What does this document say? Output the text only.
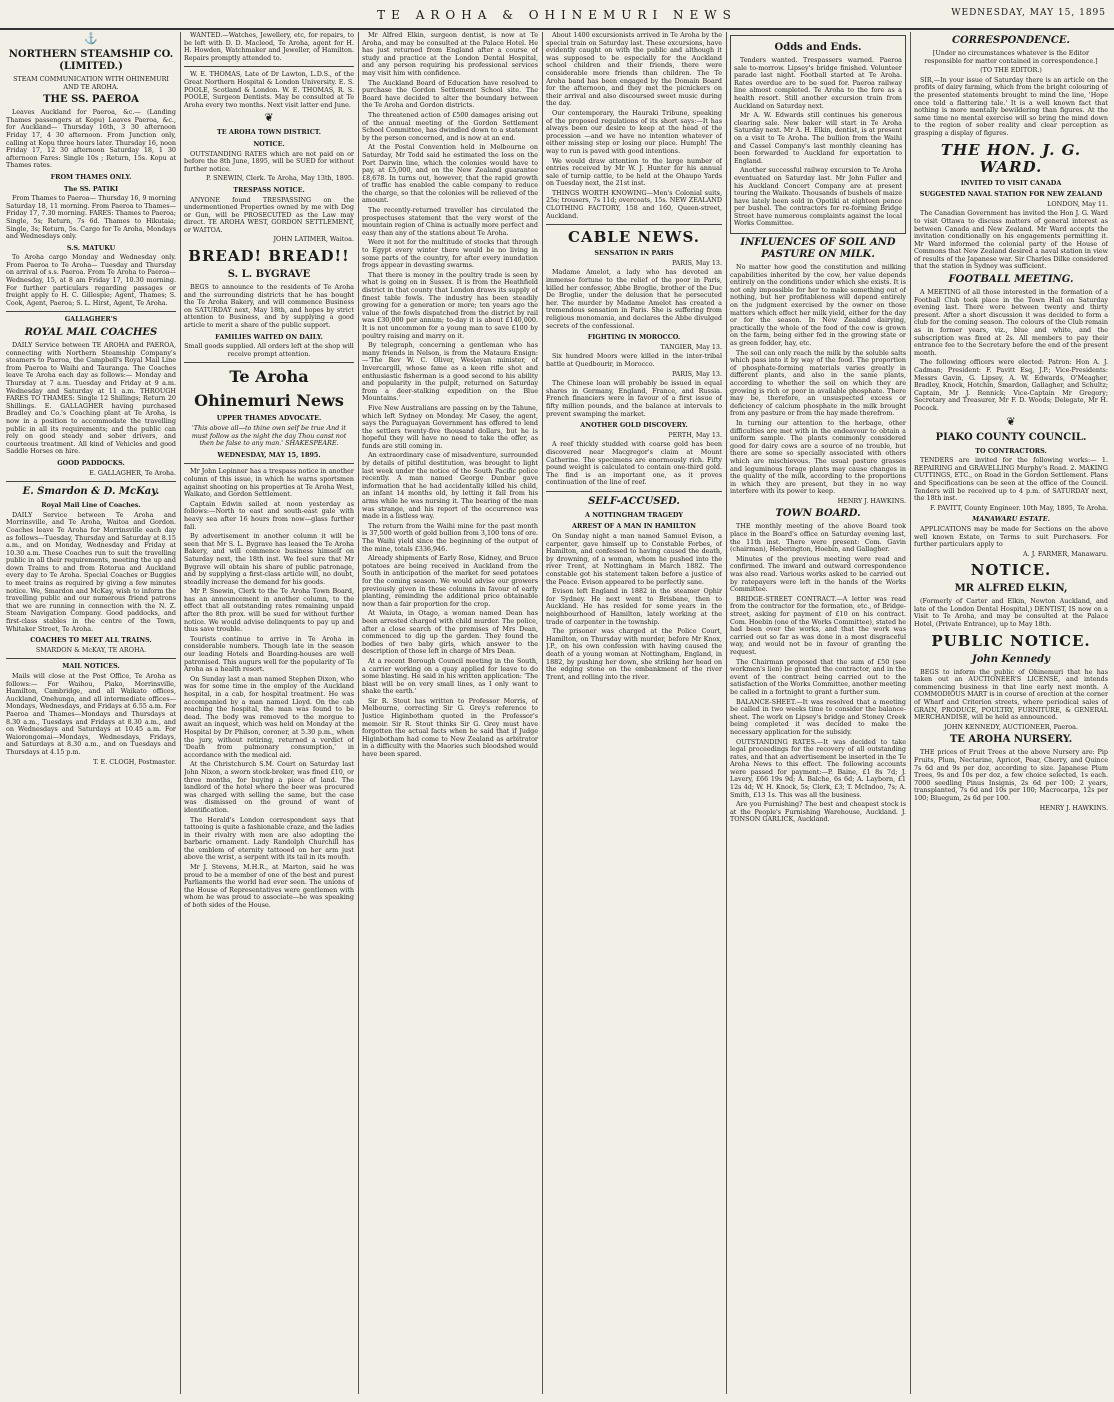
TE AROHA & OHINEMURI NEWS	WEDNESDAY, MAY 15, 1895
⚓
NORTHERN STEAMSHIP CO. (LIMITED.)

STEAM COMMUNICATION WITH OHINEMURI AND TE AROHA.

THE SS. PAEROA

Leaves Auckland for Paeroa, &c.— (Landing Thames passengers at Kopu) Leaves Paeroa, &c., for Auckland— Thursday 16th, 3 30 afternoon Friday 17, 4 30 afternoon. From Junction only, calling at Kopu three hours later. Thursday 16, noon Friday 17, 12 30 afternoon Saturday 18, 1 30 afternoon Fares: Single 10s ; Return, 15s. Kopu at Thames rates.

FROM THAMES ONLY.
The SS. PATIKI

From Thames to Paeroa— Thursday 16, 9 morning Saturday 18, 11 morning. From Paeroa to Thames— Friday 17, 7.30 morning. FARES: Thames to Paeroa; Single, 5s; Return, 7s 6d. Thames to Hikutaia; Single, 3s; Return, 5s. Cargo for Te Aroha, Mondays and Wednesdays only.

S.S. MATUKU

To Aroha cargo Monday and Wednesday only. From Paeroa to Te Aroha— Tuesday and Thursday on arrival of s.s. Paeroa. From Te Aroha to Paeroa— Wednesday, 15, at 8 am Friday 17, 10.30 morning. For further particulars regarding passages or freight apply to H. C. Gillespie; Agent, Thames; S. Cook, Agent, Paeroa; S. L. Hirst, Agent, Te Aroha.

GALLAGHER'S
ROYAL MAIL COACHES

DAILY Service between TE AROHA and PAEROA, connecting with Northern Steamship Company's steamers to Paeroa, the Campbell's Royal Mail Line from Paeroa to Waihi and Tauranga. The Coaches leave Te Aroha each day as follows:— Monday and Thursday at 7 a.m. Tuesday and Friday at 9 a.m. Wednesday and Saturday at 11 a.m. THROUGH FARES TO THAMES: Single 12 Shillings; Return 20 Shillings. E. GALLAGHER having purchased Bradley and Co.'s Coaching plant at Te Aroha, is now in a position to accommodate the travelling public in all its requirements; and the public can rely on good steady and sober drivers, and courteous treatment. All kind of Vehicles and good Saddle Horses on hire.

GOOD PADDOCKS.

E. GALLAGHER, Te Aroha.

E. Smardon & D. McKay.
Royal Mail Line of Coaches.

DAILY Service between Te Aroha and Morrinsville, and Te Aroha, Waitoa and Gordon. Coaches leave Te Aroha for Morrinsville each day as follows—Tuesday, Thursday and Saturday at 8.15 a.m., and on Monday, Wednesday and Friday at 10.30 a.m. These Coaches run to suit the travelling public in all their requirements, meeting the up and down Trains to and from Rotorua and Auckland every day to Te Aroha. Special Coaches or Buggies to meet trains as required by giving a few minutes notice. We, Smardon and McKay, wish to inform the travelling public and our numerous friend patrons that we are running in connection with the N. Z. Steam Navigation Company. Good paddocks, and first-class stables in the centre of the Town, Whitaker Street, Te Aroha.

COACHES TO MEET ALL TRAINS.

SMARDON & McKAY, TE AROHA.

MAIL NOTICES.

Mails will close at the Post Office, Te Aroha as follows:— For Waihou, Piako, Morrinsville, Hamilton, Cambridge, and all Waikato offices, Auckland, Onehunga, and all intermediate offices—Mondays, Wednesdays, and Fridays at 6.55 a.m. For Paeroa and Thames—Mondays and Thursdays at 8.30 a.m., Tuesdays and Fridays at 8.30 a.m., and on Wednesdays and Saturdays at 10.45 a.m. For Waiorongomai—Mondays, Wednesdays, Fridays, and Saturdays at 8.30 a.m., and on Tuesdays and Thursdays at 4.15 p.m.

T. E. CLOGH, Postmaster.

WANTED.—Watches, Jewellery, etc, for repairs, to be left with D. D. Macleod, Te Aroha, agent for H. H. Howden, Watchmaker and Jeweller, of Hamilton. Repairs promptly attended to.

W. E. THOMAS, Late of Dr Lawton, L.D.S., of the Great Northern Hospital & London University. E. S. POOLE, Scotland & London. W. E. THOMAS, R. S. POOLE, Surgeon Dentists. May be consulted at Te Aroha every two months. Next visit latter end June.

❦
TE AROHA TOWN DISTRICT.
NOTICE.

OUTSTANDING RATES which are not paid on or before the 8th June, 1895, will be SUED for without further notice.

P. SNEWIN, Clerk. Te Aroha, May 13th, 1895.

TRESPASS NOTICE.

ANYONE found TRESPASSING on the undermentioned Properties owned by me with Dog or Gun, will be PROSECUTED as the Law may direct. TE AROHA WEST, GORDON SETTLEMENT, or WAITOA.

JOHN LATIMER, Waitoa.

BREAD! BREAD!!
S. L. BYGRAVE

BEGS to announce to the residents of Te Aroha and the surrounding districts that he has bought the Te Aroha Bakery, and will commence Business on SATURDAY next, May 18th, and hopes by strict attention to Business, and by supplying a good article to merit a share of the public support.

FAMILIES WAITED ON DAILY.

Small goods supplied. All orders left at the shop will receive prompt attention.

Te Aroha
Ohinemuri News
UPPER THAMES ADVOCATE.

'This above all—to thine own self be true And it must follow as the night the day Thou canst not then be false to any man.' SHAKESPEARE.

WEDNESDAY, MAY 15, 1895.

Mr John Lepinner has a trespass notice in another column of this issue, in which he warns sportsmen against shooting on his properties at Te Aroha West, Waikato, and Gordon Settlement.

Captain Edwin sailed at noon yesterday as follows:—North to east and south-east gale with heavy sea after 16 hours from now—glass further fall.

By advertisement in another column it will be seen that Mr S. L. Bygrave has leased the Te Aroha Bakery, and will commence business himself on Saturday next, the 18th inst. We feel sure that Mr Bygrave will obtain his share of public patronage, and by supplying a first-class article will, no doubt, steadily increase the demand for his goods.

Mr P. Snewin, Clerk to the Te Aroha Town Board, has an announcement in another column, to the effect that all outstanding rates remaining unpaid after the 8th prox. will be sued for without further notice. We would advise delinquents to pay up and thus save trouble.

Tourists continue to arrive in Te Aroha in considerable numbers. Though late in the season our leading Hotels and Boarding-houses are well patronised. This augurs well for the popularity of Te Aroha as a health resort.

On Sunday last a man named Stephen Dixon, who was for some time in the employ of the Auckland hospital, in a cab, for hospital treatment. He was accompanied by a man named Lloyd. On the cab reaching the hospital, the man was found to be dead. The body was removed to the morgue to await an inquest, which was held on Monday at the Hospital by Dr Philson, coroner, at 5.30 p.m., when the jury, without retiring, returned a verdict of 'Death from pulmonary consumption,' in accordance with the medical aid.

At the Christchurch S.M. Court on Saturday last John Nixon, a sworn stock-broker, was fined £10, or three months, for buying a piece of land. The landlord of the hotel where the beer was procured was charged with selling the same, but the case was dismissed on the ground of want of identification.

The Herald's London correspondent says that tattooing is quite a fashionable craze, and the ladies in their rivalry with men are also adopting the barbaric ornament. Lady Randolph Churchill has the emblem of eternity tattooed on her arm just above the wrist, a serpent with its tail in its mouth.

Mr J. Stevens, M.H.R., at Marton, said he was proud to be a member of one of the best and purest Parliaments the world had ever seen. The unions of the House of Representatives were gentlemen with whom he was proud to associate—he was speaking of both sides of the House.

Mr Alfred Elkin, surgeon dentist, is now at Te Aroha, and may be consulted at the Palace Hotel. He has just returned from England after a course of study and practice at the London Dental Hospital, and any person requiring his professional services may visit him with confidence.

The Auckland Board of Education have resolved to purchase the Gordon Settlement School site. The Board have decided to alter the boundary between the Te Aroha and Gordon districts.

The threatened action of £500 damages arising out of the annual meeting of the Gordon Settlement School Committee, has dwindled down to a statement by the person concerned, and is now at an end.

At the Postal Convention held in Melbourne on Saturday, Mr Todd said he estimated the loss on the Port Darwin line, which the colonies would have to pay, at £5,000, and on the New Zealand guarantee £8,678. In turns out, however, that the rapid growth of traffic has enabled the cable company to reduce the charge, so that the colonies will be relieved of the amount.

The recently-returned traveller has circulated the prospectuses statement that the very worst of the mountain region of China is actually more perfect and easy than any of the stations about Te Aroha.

Were it not for the multitude of stocks that through to Egypt every winter there would be no living in some parts of the country, for after every inundation frogs appear in devasting swarms.

That there is money in the poultry trade is seen by what is going on in Sussex. It is from the Heathfield district in that county that London draws its supply of finest table fowls. The industry has been steadily growing for a generation or more; ten years ago the value of the fowls dispatched from the district by rail was £30,000 per annum; to-day it is about £140,000. It is not uncommon for a young man to save £100 by poultry raising and marry on it.

By telegraph, concerning a gentleman who has many friends in Nelson, is from the Mataura Ensign:—'The Rev W. C. Oliver, Wesleyan minister, of Invercargill, whose fame as a keen rifle shot and enthusiastic fisherman is a good second to his ability and popularity in the pulpit, returned on Saturday from a deer-stalking expedition on the Blue Mountains.'

Five New Australians are passing on by the Tahune, which left Sydney on Monday. Mr Casey, the agent, says the Paraguayan Government has offered to lend the settlers twenty-five thousand dollars, but he is hopeful they will have no need to take the offer, as funds are still coming in.

An extraordinary case of misadventure, surrounded by details of pitiful destitution, was brought to light last week under the notice of the South Pacific police recently. A man named George Dunbar gave information that he had accidentally killed his child, an infant 14 months old, by letting it fall from his arms while he was nursing it. The bearing of the man was strange, and his report of the occurrence was made in a listless way.

The return from the Waihi mine for the past month is 37,500 worth of gold bullion from 3,100 tons of ore. The Waihi yield since the beginning of the output of the mine, totals £336,946.

Already shipments of Early Rose, Kidney, and Bruce potatoes are being received in Auckland from the South in anticipation of the market for seed potatoes for the coming season. We would advise our growers previously given in these columns in favour of early planting, reminding the additional price obtainable now than a fair proportion for the crop.

At Waiuta, in Otago, a woman named Dean has been arrested charged with child murder. The police, after a close search of the premises of Mrs Dean, commenced to dig up the garden. They found the bodies of two baby girls, which answer to the description of those left in charge of Mrs Dean.

At a recent Borough Council meeting in the South, a carrier working on a quay applied for leave to do some blasting. He said in his written application: 'The blast will be on very small lines, as I only want to shake the earth.'

Sir R. Stout has written to Professor Morris, of Melbourne, correcting Sir G. Grey's reference to Justice Higinbotham quoted in the Professor's memoir. Sir R. Stout thinks Sir G. Grey must have forgotten the actual facts when he said that if Judge Higinbotham had come to New Zealand as arbitrator in a difficulty with the Maories such bloodshed would have been spared.

About 1400 excursionists arrived in Te Aroha by the special train on Saturday last. These excursions, have evidently caught on with the public and although it was supposed to be especially for the Auckland school children and their friends, there were considerable more friends than children. The Te Aroha band has been engaged by the Domain Board for the afternoon, and they met the picnickers on their arrival and also discoursed sweet music during the day.

Our contemporary, the Hauraki Tribune, speaking of the proposed regulations of its short says:—It has always been our desire to keep at the head of the procession —and we have no intention whatever of either missing step or losing our place. Humph! The way to run is paved with good intentions.

We would draw attention to the large number of entries received by Mr W. J. Hunter for his annual sale of turnip cattle, to be held at the Ohaupo Yards on Tuesday next, the 21st inst.

THINGS WORTH KNOWING—Men's Colonial suits, 25s; trousers, 7s 11d; overcoats, 15s. NEW ZEALAND CLOTHING FACTORY, 158 and 160, Queen-street, Auckland.

CABLE NEWS.
SENSATION IN PARIS

PARIS, May 13.

Madame Amelot, a lady who has devoted an immense fortune to the relief of the poor in Paris, killed her confessor, Abbe Broglie, brother of the Duc De Broglie, under the delusion that he persecuted her. The murder by Madame Amelot has created a tremendous sensation in Paris. She is suffering from religious monomania, and declares the Abbe divulged secrets of the confessional.

FIGHTING IN MOROCCO.

TANGIER, May 13.

Six hundred Moors were killed in the inter-tribal battle at Quedbourir, in Morocco.

PARIS, May 13.

The Chinese loan will probably be issued in equal shares in Germany, England, France, and Russia. French financiers were in favour of a first issue of fifty million pounds, and the balance at intervals to prevent swamping the market.

ANOTHER GOLD DISCOVERY.

PERTH, May 13.

A reef thickly studded with coarse gold has been discovered near Macgregor's claim at Mount Catherine. The specimens are enormously rich. Fifty pound weight is calculated to contain one-third gold. The find is an important one, as it proves continuation of the line of reef.

SELF-ACCUSED.
A NOTTINGHAM TRAGEDY
ARREST OF A MAN IN HAMILTON

On Sunday night a man named Samuel Evison, a carpenter, gave himself up to Constable Forbes, of Hamilton, and confessed to having caused the death, by drowning, of a woman, whom he pushed into the river Trent, at Nottingham in March 1882. The constable got his statement taken before a justice of the Peace. Evison appeared to be perfectly sane.

Evison left England in 1882 in the steamer Ophir for Sydney. He next went to Brisbane, then to Auckland. He has resided for some years in the neighbourhood of Hamilton, lately working at the trade of carpenter in the township.

The prisoner was charged at the Police Court, Hamilton, on Thursday with murder, before Mr Knox, J.P., on his own confession with having caused the death of a young woman at Nottingham, England, in 1882, by pushing her down, she striking her head on the edging stone on the embankment of the river Trent, and rolling into the river.

Odds and Ends.

Tenders wanted. Trespassers warned. Paeroa sale to-morrow. Lipsey's bridge finished. Volunteer parade last night. Football started at Te Aroha. Rates overdue are to be sued for. Paeroa railway line almost completed. Te Aroha to the fore as a health resort. Still another excursion train from Auckland on Saturday next.

Mr A. W. Edwards still continues his generous clearing sale. New baker will start in Te Aroha Saturday next. Mr A. H. Elkin, dentist, is at present on a visit to Te Aroha. The bullion from the Waihi and Cassel Company's last monthly cleaning has been forwarded to Auckland for exportation to England.

Another successful railway excursion to Te Aroha eventuated on Saturday last. Mr John Fuller and his Auckland Concert Company are at present touring the Waikato. Thousands of bushels of maize have lately been sold in Opotiki at eighteen pence per bushel. The contractors for re-forming Bridge Street have numerous complaints against the local Works Committee.

INFLUENCES OF SOIL AND PASTURE ON MILK.

No matter how good the constitution and milking capabilities inherited by the cow, her value depends entirely on the conditions under which she exists. It is not only impossible for her to make something out of nothing, but her profitableness will depend entirely on the judgment exercised by the owner on those matters which effect her milk yield, either for the day or for the season. In New Zealand dairying, practically the whole of the food of the cow is grown on the farm, being either fed in the growing state or as green fodder, hay, etc.

The soil can only reach the milk by the soluble salts which pass into it by way of the food. The proportion of phosphate-forming materials varies greatly in different plants, and also in the same plants, according to whether the soil on which they are growing is rich or poor in available phosphate. There may be, therefore, an unsuspected excess or deficiency of calcium phosphate in the milk brought from any pasture or from the hay made therefrom.

In turning our attention to the herbage, other difficulties are met with in the endeavour to obtain a uniform sample. The plants commonly considered good for dairy cows are a source of no trouble, but there are some so specially associated with others which are mischievous. The usual pasture grasses and leguminous forage plants may cause changes in the quality of the milk, according to the proportions in which they are present, but they in no way interfere with its power to keep.

HENRY J. HAWKINS.

TOWN BOARD.

THE monthly meeting of the above Board took place in the Board's office on Saturday evening last, the 11th inst. There were present: Com. Gavin (chairman), Heberington, Hoebin, and Gallagher.

Minutes of the previous meeting were read and confirmed. The inward and outward correspondence was also read. Various works asked to be carried out by ratepayers were left in the hands of the Works Committee.

BRIDGE-STREET CONTRACT.—A letter was read from the contractor for the formation, etc., of Bridge-street, asking for payment of £10 on his contract. Com. Hoebin (one of the Works Committee), stated he had been over the works, and that the work was carried out so far as was done in a most disgraceful way, and would not be in favour of granting the request.

The Chairman proposed that the sum of £50 (see workmen's lien) be granted the contractor, and in the event of the contract being carried out to the satisfaction of the Works Committee, another meeting be called in a fortnight to grant a further sum.

BALANCE-SHEET.—It was resolved that a meeting be called in two weeks time to consider the balance-sheet. The work on Lipsey's bridge and Stoney Creek being completed it was decided to make the necessary application for the subsidy.

OUTSTANDING RATES.—It was decided to take legal proceedings for the recovery of all outstanding rates, and that an advertisement be inserted in the Te Aroha News to this effect. The following accounts were passed for payment:—P. Baine, £1 8s 7d; J. Lavery, £66 19s 9d; A. Balche, 6s 6d; A. Layborn, £1 12s 4d; W. H. Knock, 5s; Clerk, £3; T. McIndoo, 7s; A. Smith, £13 1s. This was all the business.

Are you Furnishing? The best and cheapest stock is at the People's Furnishing Warehouse, Auckland. J. TONSON GARLICK, Auckland.

CORRESPONDENCE.

[Under no circumstances whatever is the Editor responsible for matter contained in correspondence.]

(TO THE EDITOR.)

SIR,—In your issue of Saturday there is an article on the profits of dairy farming, which from the bright colouring of the presented statements brought to mind the line, 'Hope once told a flattering tale.' It is a well known fact that nothing is more mentally bewildering than figures. At the same time no mental exercise will so bring the mind down to the region of sober reality and clear perception as grasping a display of figures.

THE HON. J. G. WARD.
INVITED TO VISIT CANADA
SUGGESTED NAVAL STATION FOR NEW ZEALAND

LONDON, May 11.

The Canadian Government has invited the Hon J. G. Ward to visit Ottawa to discuss matters of general interest as between Canada and New Zealand. Mr Ward accepts the invitation conditionally on his engagements permitting it. Mr Ward informed the colonial party of the House of Commons that New Zealand desired a naval station in view of results of the Japanese war. Sir Charles Dilke considered that the station in Sydney was sufficient.

FOOTBALL MEETING.

A MEETING of all those interested in the formation of a Football Club took place in the Town Hall on Saturday evening last. There were between twenty and thirty present. After a short discussion it was decided to form a club for the coming season. The colours of the Club remain as in former years, viz., blue and white, and the subscription was fixed at 2s. All members to pay their entrance fee to the Secretary before the end of the present month.

The following officers were elected: Patron: Hon A. J. Cadman; President: F. Pavitt Esq, J.P.; Vice-Presidents: Messrs Gavin, G. Lipsey, A. W. Edwards, O'Meagher, Bradley, Knock, Hotchin, Smardon, Gallagher, and Schultz; Captain, Mr J. Rennick; Vice-Captain Mr Gregory; Secretary and Treasurer, Mr F. D. Woods; Delegate, Mr H. Pocock.

❦
PIAKO COUNTY COUNCIL.
TO CONTRACTORS.

TENDERS are invited for the following works:— 1. REPAIRING and GRAVELLING Murphy's Road. 2. MAKING CUTTINGS, ETC., on Road in the Gordon Settlement. Plans and Specifications can be seen at the office of the Council. Tenders will be received up to 4 p.m. of SATURDAY next, the 18th inst.

F. PAVITT, County Engineer. 10th May, 1895, Te Aroha.

MANAWARU ESTATE.

APPLICATIONS may be made for Sections on the above well known Estate, on Terms to suit Purchasers. For further particulars apply to

A. J. FARMER, Manawaru.

NOTICE.
MR ALFRED ELKIN,

(Formerly of Carter and Elkin, Newton Auckland, and late of the London Dental Hospital,) DENTIST, IS now on a Visit to Te Aroha, and may be consulted at the Palace Hotel, (Private Entrance), up to May 18th.

PUBLIC NOTICE.
John Kennedy

BEGS to inform the public of Ohinemuri that he has taken out an AUCTIONEER'S LICENSE, and intends commencing business in that line early next month. A COMMODIOUS MART is in course of erection at the corner of Wharf and Criterion streets, where periodical sales of GRAIN, PRODUCE, POULTRY, FURNITURE, & GENERAL MERCHANDISE, will be held as announced.

JOHN KENNEDY, AUCTIONEER, Paeroa.

TE AROHA NURSERY.

THE prices of Fruit Trees at the above Nursery are: Pip Fruits, Plum, Nectarine, Apricot, Pear, Cherry, and Quince 7s 6d and 9s per doz, according to size. Japanese Plum Trees, 9s and 10s per doz, a few choice selected, 1s each. 7000 seedling Pinus Insignis, 2s 6d per 100; 2 years, transplanted, 7s 6d and 10s per 100; Macrocarpa, 12s per 100; Bluegum, 2s 6d per 100.

HENRY J. HAWKINS.
